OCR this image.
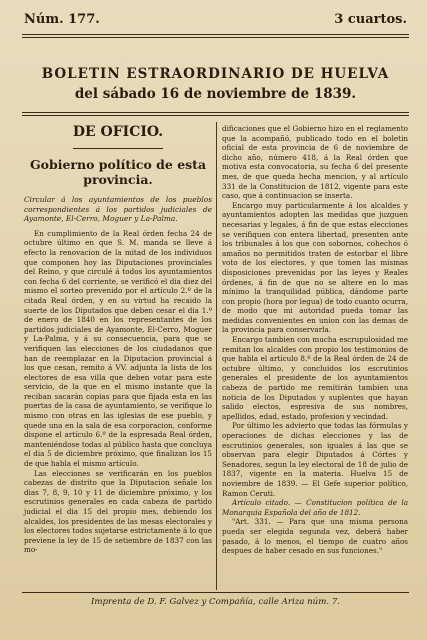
Núm. 177.	3 cuartos.
BOLETIN ESTRAORDINARIO DE HUELVA
del sábado 16 de noviembre de 1839.
DE OFICIO.
Gobierno político de esta provincia.
Circular á los ayuntamientos de los pueblos correspondientes á los partidos judiciales de Ayamonte, El-Cerro, Moguer y La-Palma.

En cumplimiento de la Real órden fecha 24 de octubre último en que S. M. manda se lleve á efecto la renovacion de la mitad de los individuos que componen hoy las Diputaciones provinciales del Reino, y que circulé á todos los ayuntamientos con fecha 6 del corriente, se verificó el dia diez del mismo el sorteo prevenido por el artículo 2.º de la citada Real órden, y en su virtud ha recaido la suerte de los Diputados que deben cesar el dia 1.º de enero de 1840 en los representantes de los partidos judiciales de Ayamonte, El-Cerro, Moguer y La-Palma, y á su consecuencia, para que se verifiquen las elecciones de los ciudadanos que han de reemplazar en la Diputacion provincial á los que cesan, remito á VV. adjunta la lista de los electores de esa villa que deben votar para este servicio, de la que en el mismo instante que la reciban sacarán copias para que fijada esta en las puertas de la casa de ayuntamiento, se verifique lo mismo con otras en las iglesias de ese pueblo, y quede una en la sala de esa corporacion, conforme dispone el artículo 6.º de la espresada Real órden, manteniéndose todas al público hasta que concluya el dia 5 de diciembre próximo, que finalizan los 15 de que habla el mismo artículo.

Las elecciones se verificarán en los pueblos cabezas de distrito que la Diputacion señale los dias 7, 8, 9, 10 y 11 de diciembre próximo, y los escrutinios generales en cada cabeza de partido judicial el dia 15 del propio mes, debiendo los alcaldes, los presidentes de las mesas electorales y los electores todos sujetarse estrictamente á lo que previene la ley de 15 de setiembre de 1837 con las mo-

dificaciones que el Gobierno hizo en el reglamento que la acompañó, publicado todo en el boletin oficial de esta provincia de 6 de noviembre de dicho año, número 418, á la Real órden que motiva esta convocatoria, su fecha 6 del presente mes, de que queda hecha mencion, y al artículo 331 de la Constitucion de 1812, vigente para este caso, que á continuacion se inserta.

Encargo muy particularmente á los alcaldes y ayuntamientos adopten las medidas que juzguen necesarias y legales, á fin de que estas elecciones se verifiquen con entera libertad, presenten ante los tribunales á los que con sobornos, cohechos ó amaños no permitidos traten de estorbar el libre voto de los electores, y que tomen las mismas disposiciones prevenidas por las leyes y Reales órdenes, á fin de que no se altere en lo mas mínimo la tranquilidad pública, dándome parte con propio (hora por legua) de todo cuanto ocurra, de modo que mi autoridad pueda tomar las medidas convenientes en union con las demas de la provincia para conservarla.

Encargo tambien con mucha escrupulosidad me remitan los alcaldes con propio los testimonios de que habla el artículo 8.º de la Real órden de 24 de octubre último, y concluidos los escrutinios generales el presidente de los ayuntamientos cabeza de partido me remitirán tambien una noticia de los Diputados y suplentes que hayan salido electos, espresiva de sus nombres, apellidos, edad, estado, profesion y vecindad.

Por último les advierto que todas las fórmulas y operaciones de dichas elecciones y las de escrutinios generales, son iguales á las que se observan para elegir Diputados á Córtes y Senadores, segun la ley electoral de 18 de julio de 1837, vigente en la materia. Huelva 15 de noviembre de 1839. — El Gefe superior político, Ramon Ceruti.

Artículo citado. — Constitucion política de la Monarquia Española del año de 1812.

"Art. 331. — Para que una misma persona pueda ser elegida segunda vez, deberá haber pasado, á lo menos, el tiempo de cuatro años despues de haber cesado en sus funciones."

Imprenta de D. F. Galvez y Compañía, calle Ariza núm. 7.
